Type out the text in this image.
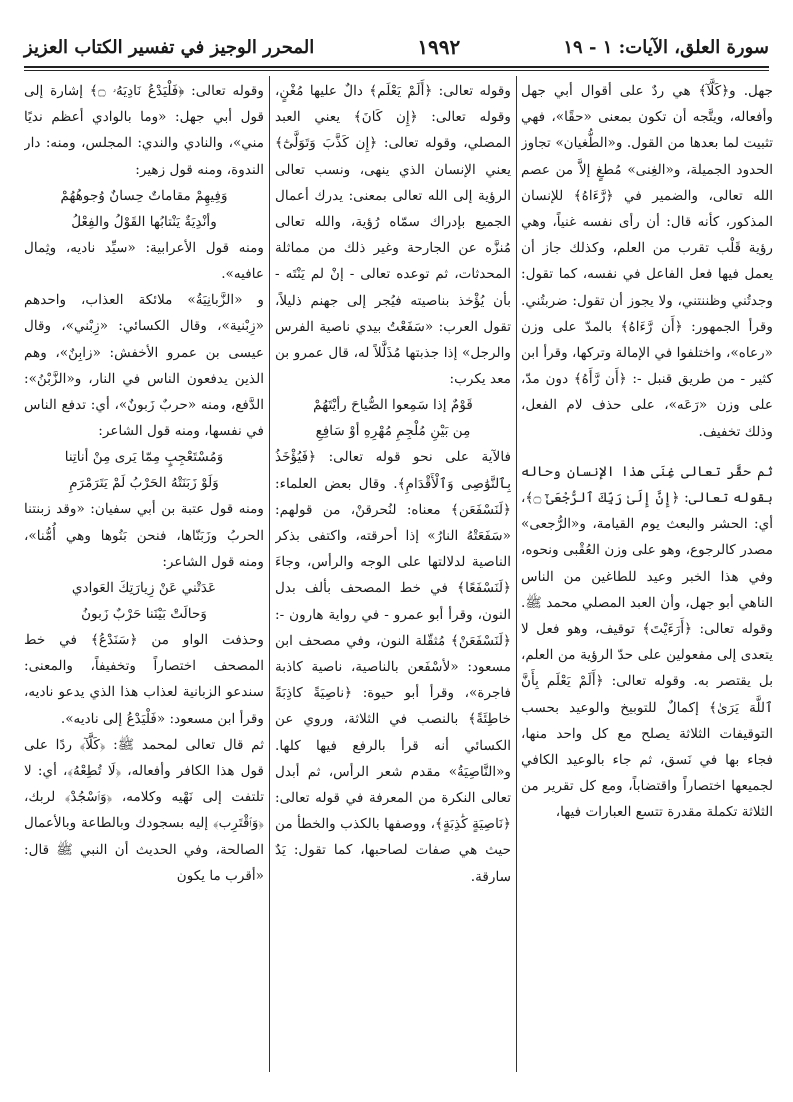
سورة العلق، الآيات: ١ - ١٩
١٩٩٢
المحرر الوجيز في تفسير الكتاب العزيز

جهل. و﴿كَلَّآ﴾ هي ردٌ على أقوال أبي جهل وأفعاله، ويتَّجه أن تكون بمعنى «حقًا»، فهي تثبيت لما بعدها من القول. و«الطُّغيان» تجاوز الحدود الجميلة، و«الغِنى» مُطغٍ إلاَّ من عصم الله تعالى، والضمير في ﴿رَّءَاهُ﴾ للإنسان المذكور، كأنه قال: أن رأى نفسه غنياً، وهي رؤية قَلْب تقرب من العلم، وكذلك جاز أن يعمل فيها فعل الفاعل في نفسه، كما تقول: وجدتُني وظننتني، ولا يجوز أن تقول: ضربتُني. وقرأ الجمهور: ﴿أَن رَّءَاهُ﴾ بالمدّ على وزن «رعاه»، واختلفوا في الإمالة وتركها، وقرأ ابن كثير - من طريق قنبل -: ﴿أَن رَّأَهُ﴾ دون مدّ، على وزن «رَعَه»، على حذف لام الفعل، وذلك تخفيف.

ثم حقَّر تعالى غِنَى هذا الإنسان وحاله بقوله تعالى: ﴿إِنَّ إِلَىٰ رَبِّكَ ٱلرُّجْعَىٰٓ ۝﴾، أي: الحشر والبعث يوم القيامة، و«الرُّجعى» مصدر كالرجوع، وهو على وزن العُقْبى ونحوه، وفي هذا الخبر وعيد للطاغين من الناس الناهي أبو جهل، وأن العبد المصلي محمد ﷺ. وقوله تعالى: ﴿أَرَءَيْتَ﴾ توقيف، وهو فعل لا يتعدى إلى مفعولين على حدّ الرؤية من العلم، بل يقتصر به. وقوله تعالى: ﴿أَلَمْ يَعْلَم بِأَنَّ ٱللَّهَ يَرَىٰ﴾ إكمالٌ للتوبيخ والوعيد بحسب التوقيفات الثلاثة يصلح مع كل واحد منها، فجاء بها في نَسق، ثم جاء بالوعيد الكافي لجميعها اختصاراً واقتضاباً، ومع كل تقرير من الثلاثة تكملة مقدرة تتسع العبارات فيها،

وقوله تعالى: ﴿أَلَمْ يَعْلَم﴾ دالٌ عليها مُغْنٍ، وقوله تعالى: ﴿إِن كَانَ﴾ يعني العبد المصلي، وقوله تعالى: ﴿إِن كَذَّبَ وَتَوَلَّىٰٓ﴾ يعني الإنسان الذي ينهى، ونسب تعالى الرؤية إلى الله تعالى بمعنى: يدرك أعمال الجميع بإدراك سمّاه رُؤية، والله تعالى مُنزَّه عن الجارحة وغير ذلك من مماثلة المحدثات، ثم توعده تعالى - إنْ لم يَنْتَه - بأن يُؤْخذ بناصيته فيُجر إلى جهنم ذليلاً، تقول العرب: «سَفَعْتُ بيدي ناصية الفرس والرجل» إذا جذبتها مُذَلَّلاً له، قال عمرو بن معد يكرب:

قَوْمٌ إذا سَمِعوا الصُّياحَ رأيْتَهُمْ

مِن بَيْنِ مُلْجِمِ مُهْرِهِ أوْ سَافِعِ

فالآية على نحو قوله تعالى: ﴿فَيُؤْخَذُ بِٱلنَّوَٰصِى وَٱلْأَقْدَامِ﴾. وقال بعض العلماء: ﴿لَنَسْفَعَن﴾ معناه: لنُحرقنْ، من قولهم: «سَفَعَتْهُ النارُ» إذا أحرقته، واكتفى بذكر الناصية لدلالتها على الوجه والرأس، وجاءَ ﴿لَنَسْفَعًا﴾ في خط المصحف بألف بدل النون، وقرأ أبو عمرو - في رواية هارون -: ﴿لَنَسْفَعَنْ﴾ مُثقّلة النون، وفي مصحف ابن مسعود: «لأسْفَعن بالناصية، ناصية كاذبة فاجرة»، وقرأ أبو حيوة: ﴿ناصِيَةً كاذِبَةً خاطِئَةً﴾ بالنصب في الثلاثة، وروي عن الكسائي أنه قرأ بالرفع فيها كلها. و«النَّاصِيَةُ» مقدم شعر الرأس، ثم أبدل تعالى النكرة من المعرفة في قوله تعالى: ﴿نَاصِيَةٍ كَٰذِبَةٍ﴾، ووصفها بالكذب والخطأ من حيث هي صفات لصاحبها، كما تقول: يَدٌ سارقة.

وقوله تعالى: ﴿فَلْيَدْعُ نَادِيَهُۥ ۝﴾ إشارة إلى قول أبي جهل: «وما بالوادي أعظم نديًا مني»، والنادي والندي: المجلس، ومنه: دار الندوة، ومنه قول زهير:

وَفِيهِمْ مقاماتٌ حِسانٌ وُجوهُهُمْ

وأنْدِيَةٌ يَنْتابُها القَوْلُ والفِعْلُ

ومنه قول الأعرابية: «سيِّد ناديه، وثِمال عافيه».

و «الزَّبانِيَةُ» ملائكة العذاب، واحدهم «زِبْنية»، وقال الكسائي: «زِبْني»، وقال عيسى بن عمرو الأخفش: «زابِنٌ»، وهم الذين يدفعون الناس في النار، و«الزَّبْنُ»: الدَّفع، ومنه «حربٌ زَبونٌ»، أي: تدفع الناس في نفسها، ومنه قول الشاعر:

وَمُسْتَعْجِبٍ مِمّا يَرى مِنْ أناتِنا

وَلَوْ زَبَنَتْهُ الحَرْبُ لَمْ يَتَرَمْرَمِ

ومنه قول عتبة بن أبي سفيان: «وقد زبنتنا الحربُ وزَبَنّاها، فنحن بَنُوها وهي أُمُّنا»، ومنه قول الشاعر:

عَدَتْني عَنْ زِيارَتِكَ العَوادي

وَحالَتْ بَيْنَنا حَرْبٌ زَبونُ

وحذفت الواو من ﴿سَنَدْعُ﴾ في خط المصحف اختصاراً وتخفيفاً، والمعنى: سندعو الزبانية لعذاب هذا الذي يدعو ناديه، وقرأ ابن مسعود: «فَلْيَدْعُ إلى ناديه».

ثم قال تعالى لمحمد ﷺ: ﴿كَلَّآ﴾ ردًا على قول هذا الكافر وأفعاله، ﴿لَا تُطِعْهُ﴾، أي: لا تلتفت إلى نَهْيه وكلامه، ﴿وَٱسْجُدْ﴾ لربك، ﴿وَٱقْتَرِب﴾ إليه بسجودك وبالطاعة وبالأعمال الصالحة، وفي الحديث أن النبي ﷺ قال: «أقرب ما يكون
